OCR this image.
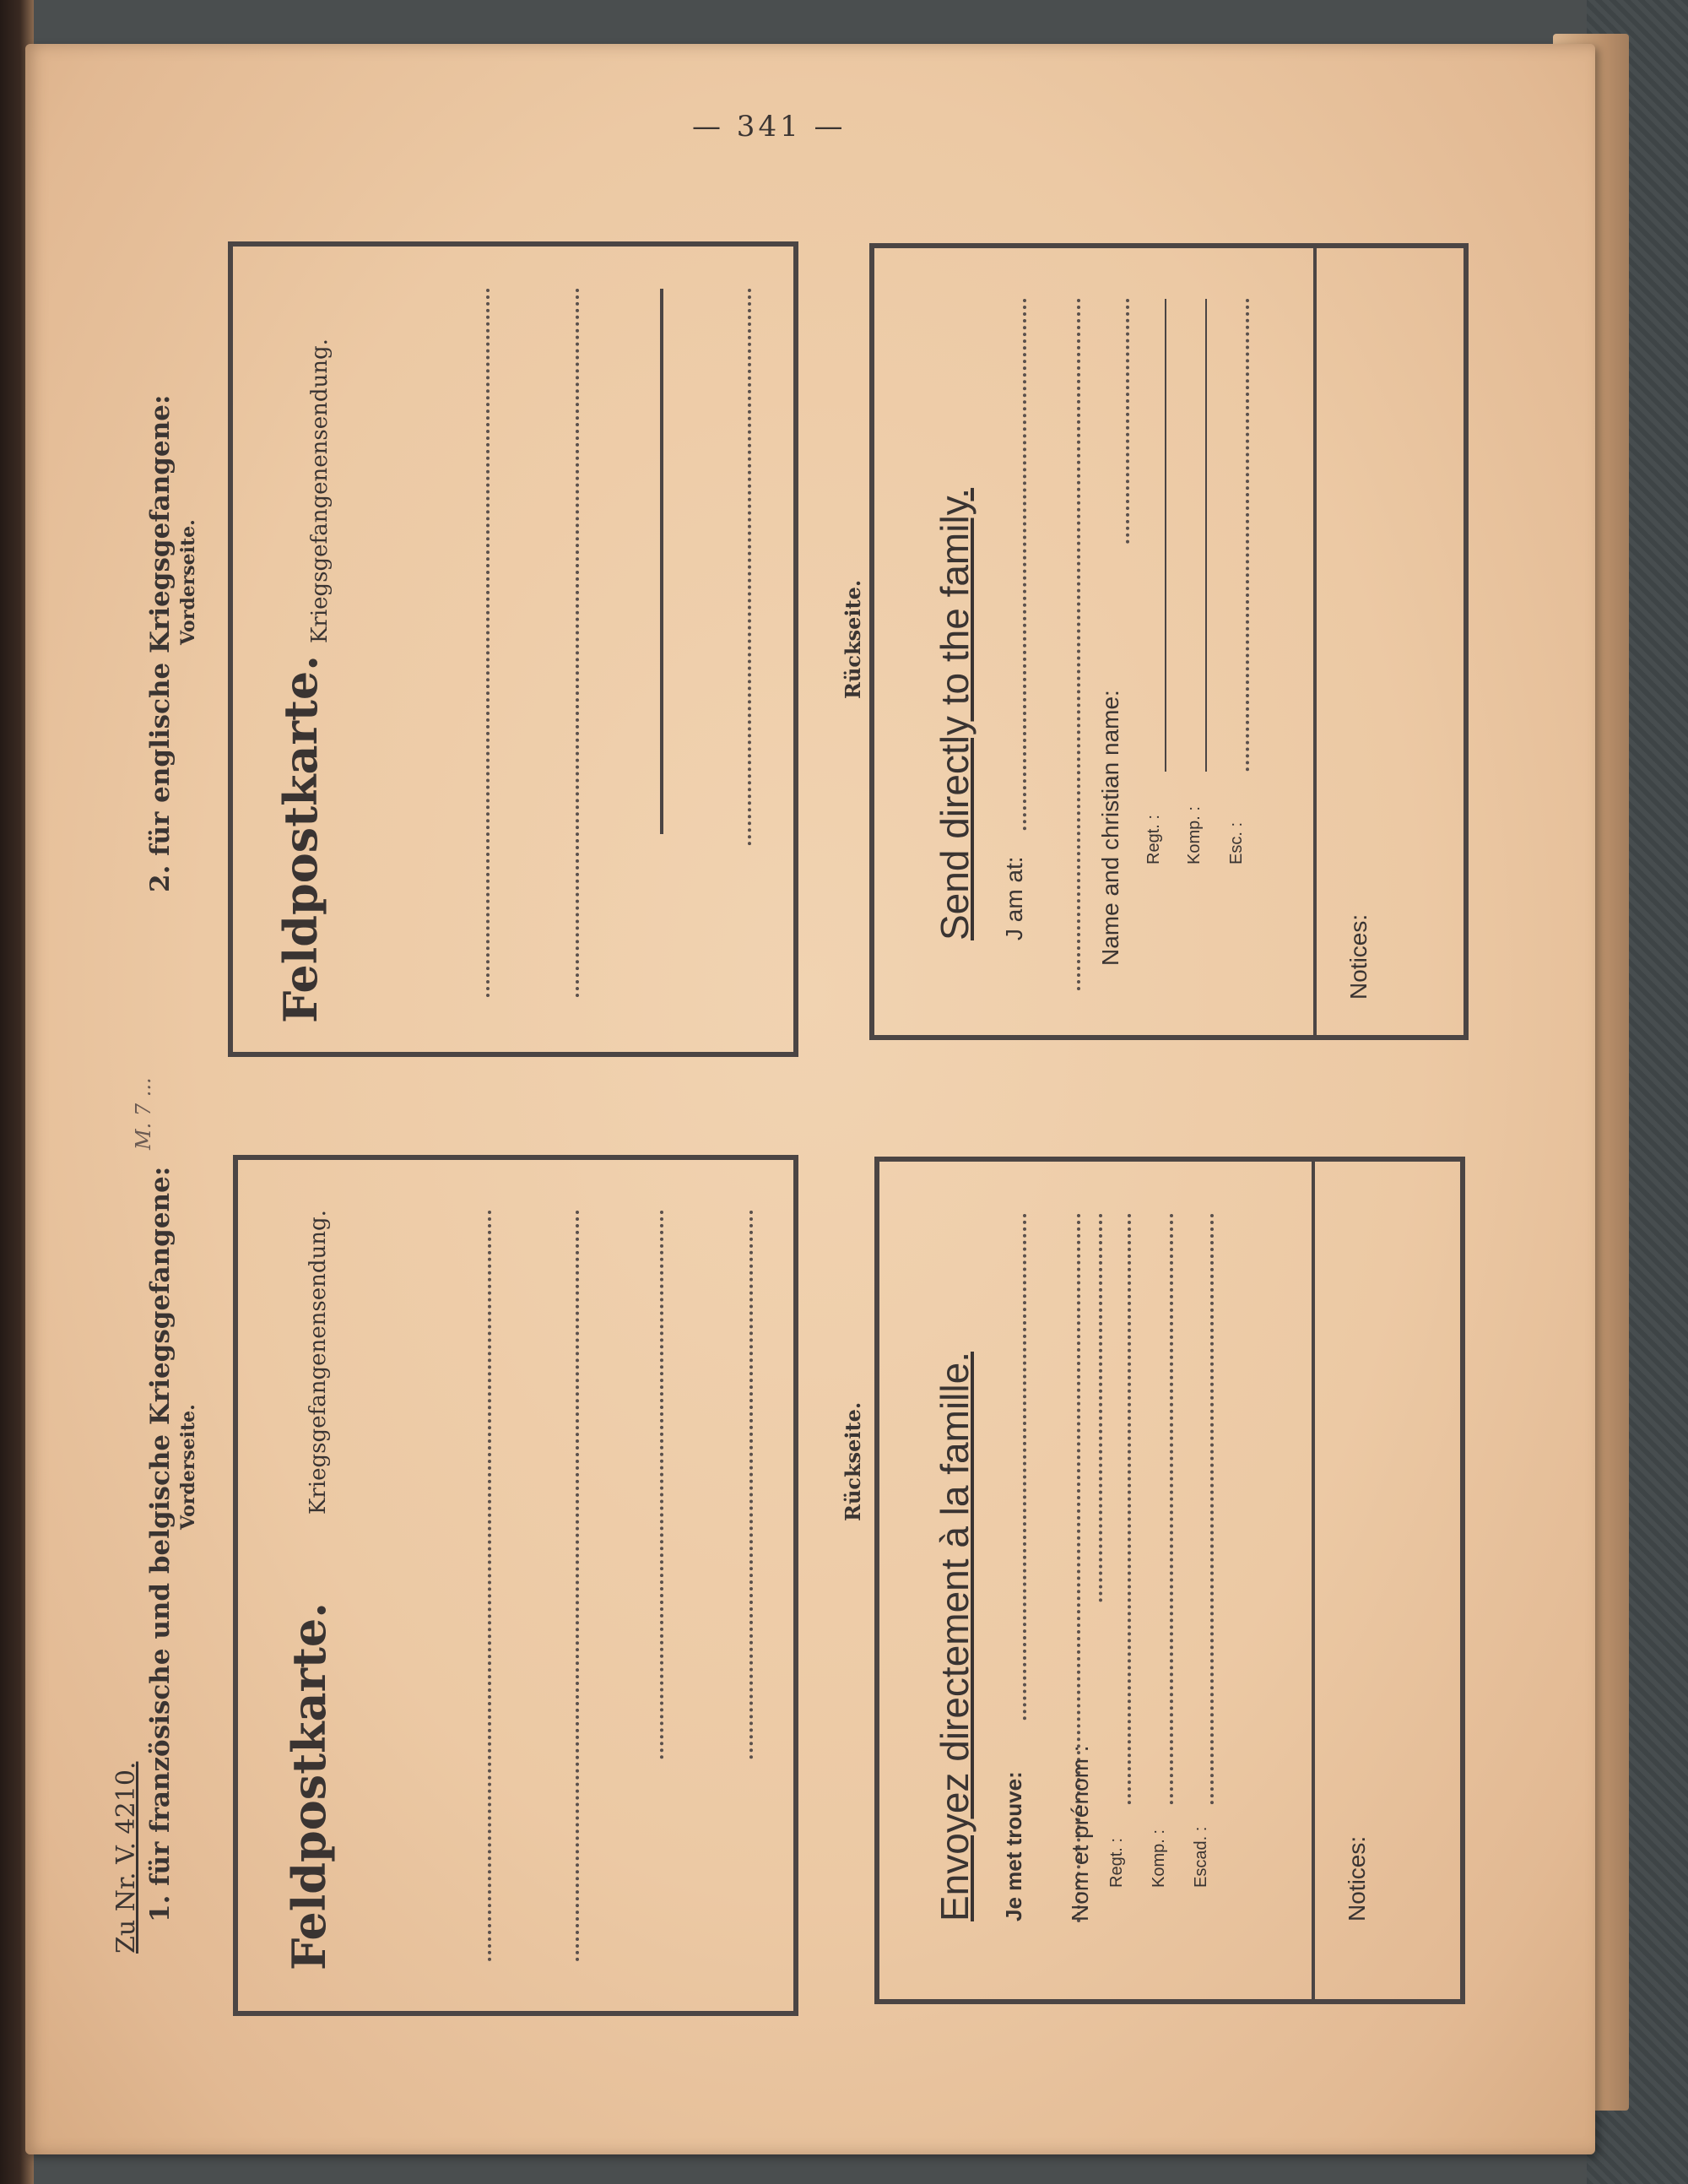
— 341 —
Zu Nr. V. 4210. 1. für französische und belgische Kriegsgefangene: Vorderseite.
M. 7 ...
2. für englische Kriegsgefangene: Vorderseite.
Feldpostkarte.
Kriegsgefangenensendung.	Rückseite.
Feldpostkarte.
Kriegsgefangenensendung.	Rückseite.
Envoyez directement à la famille. Je met trouve: Nom et prénom : Regt. : Komp. : Escad. :	Notices:
Send directly to the family. J am at:	Name and christian name: Regt. : Komp. : Esc. :
Notices:
